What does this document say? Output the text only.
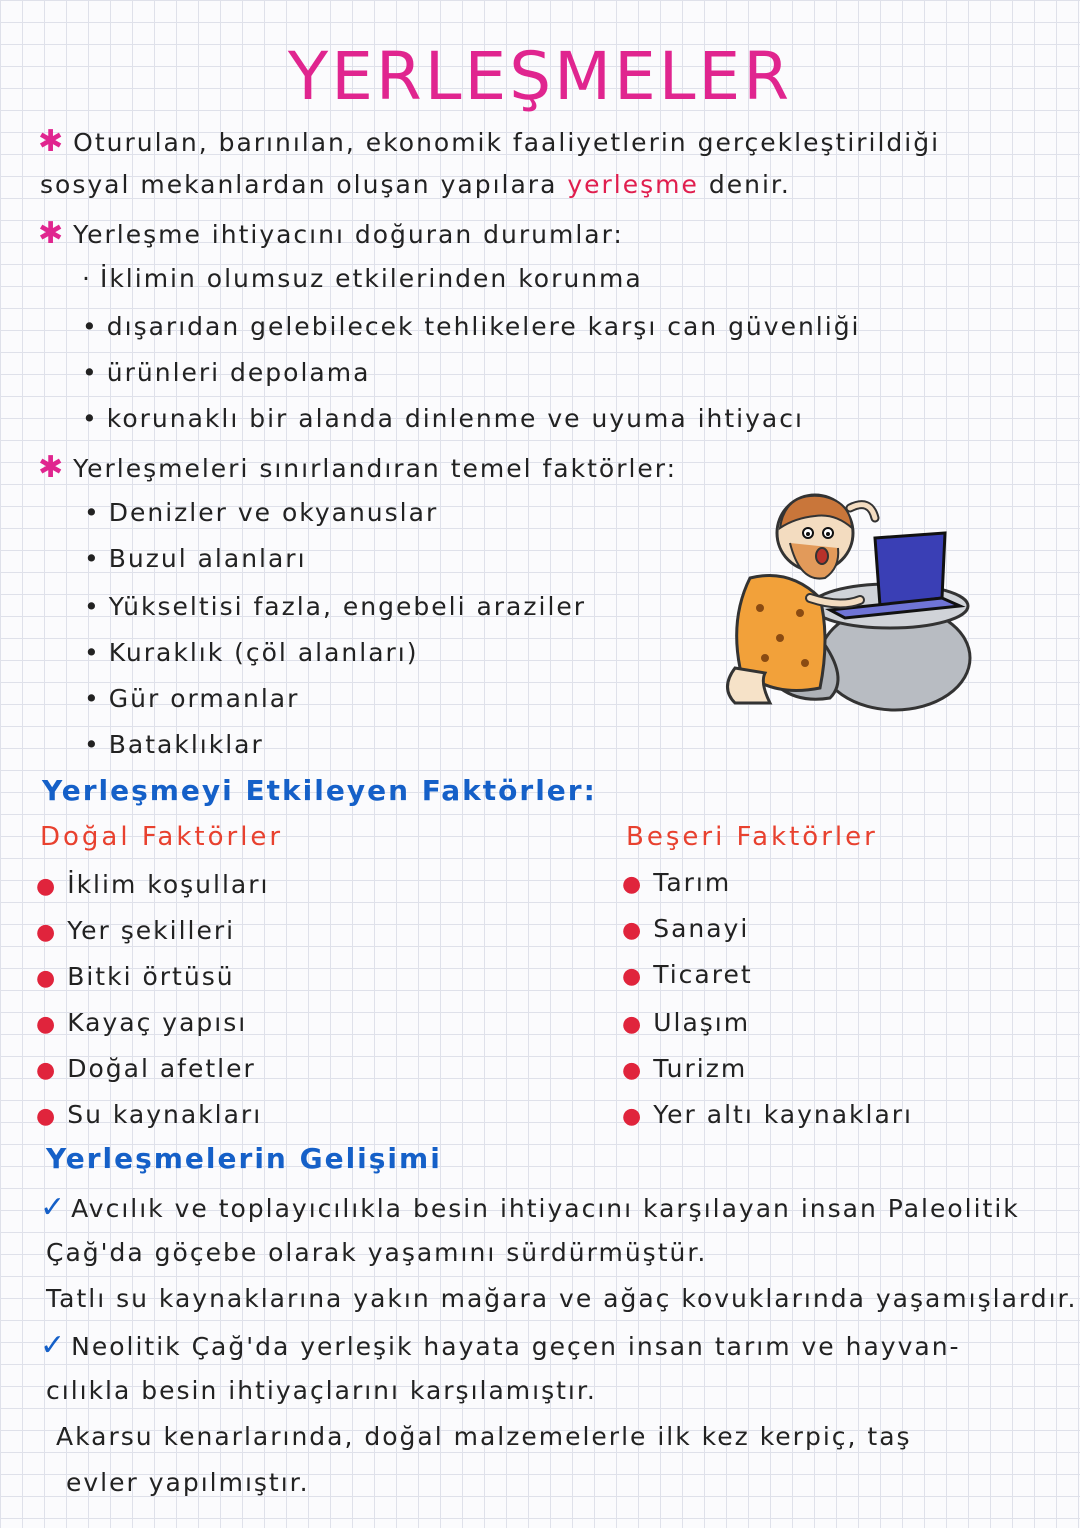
YERLEŞMELER
✱ Oturulan, barınılan, ekonomik faaliyetlerin gerçekleştirildiği
sosyal mekanlardan oluşan yapılara yerleşme denir.
✱ Yerleşme ihtiyacını doğuran durumlar:
· İklimin olumsuz etkilerinden korunma
• dışarıdan gelebilecek tehlikelere karşı can güvenliği
• ürünleri depolama
• korunaklı bir alanda dinlenme ve uyuma ihtiyacı
✱ Yerleşmeleri sınırlandıran temel faktörler:
• Denizler ve okyanuslar
• Buzul alanları
• Yükseltisi fazla, engebeli araziler
• Kuraklık (çöl alanları)
• Gür ormanlar
• Bataklıklar
Yerleşmeyi Etkileyen Faktörler:
Doğal Faktörler	Beşeri Faktörler
● İklim koşulları
● Yer şekilleri
● Bitki örtüsü
● Kayaç yapısı
● Doğal afetler
● Su kaynakları
● Tarım
● Sanayi
● Ticaret
● Ulaşım
● Turizm
● Yer altı kaynakları
Yerleşmelerin Gelişimi
✓ Avcılık ve toplayıcılıkla besin ihtiyacını karşılayan insan Paleolitik
Çağ'da göçebe olarak yaşamını sürdürmüştür.
Tatlı su kaynaklarına yakın mağara ve ağaç kovuklarında yaşamışlardır.
✓ Neolitik Çağ'da yerleşik hayata geçen insan tarım ve hayvan-
cılıkla besin ihtiyaçlarını karşılamıştır.
Akarsu kenarlarında, doğal malzemelerle ilk kez kerpiç, taş
evler yapılmıştır.
